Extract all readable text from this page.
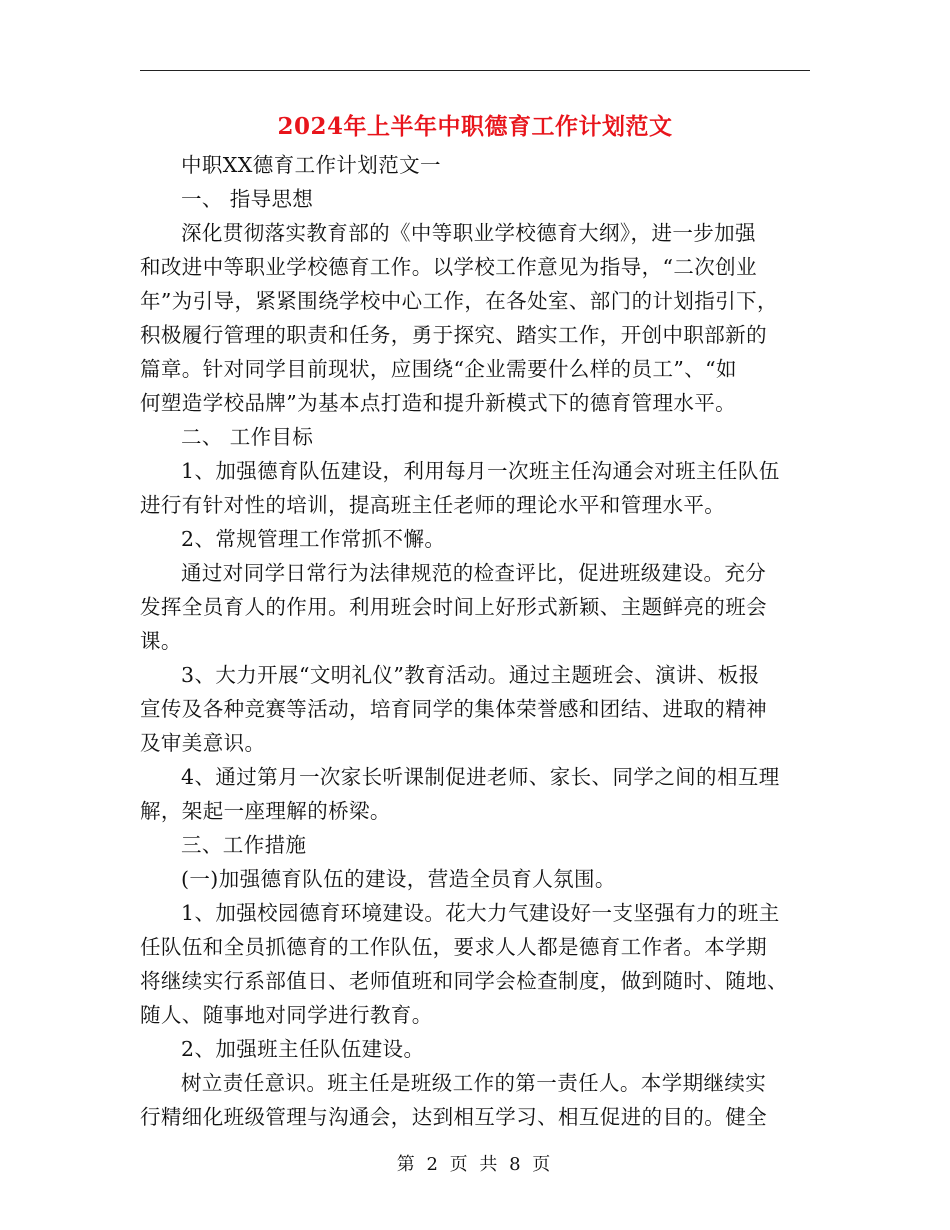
2024年上半年中职德育工作计划范文
中职XX德育工作计划范文一
一、 指导思想
深化贯彻落实教育部的《中等职业学校德育大纲》，进一步加强
和改进中等职业学校德育工作。以学校工作意见为指导，“二次创业
年”为引导，紧紧围绕学校中心工作，在各处室、部门的计划指引下，
积极履行管理的职责和任务，勇于探究、踏实工作，开创中职部新的
篇章。针对同学目前现状，应围绕“企业需要什么样的员工”、“如
何塑造学校品牌”为基本点打造和提升新模式下的德育管理水平。
二、 工作目标
1、加强德育队伍建设，利用每月一次班主任沟通会对班主任队伍
进行有针对性的培训，提高班主任老师的理论水平和管理水平。
2、常规管理工作常抓不懈。
通过对同学日常行为法律规范的检查评比，促进班级建设。充分
发挥全员育人的作用。利用班会时间上好形式新颖、主题鲜亮的班会
课。
3、大力开展“文明礼仪”教育活动。通过主题班会、演讲、板报
宣传及各种竞赛等活动，培育同学的集体荣誉感和团结、进取的精神
及审美意识。
4、通过第月一次家长听课制促进老师、家长、同学之间的相互理
解，架起一座理解的桥梁。
三、工作措施
(一)加强德育队伍的建设，营造全员育人氛围。
1、加强校园德育环境建设。花大力气建设好一支坚强有力的班主
任队伍和全员抓德育的工作队伍，要求人人都是德育工作者。本学期
将继续实行系部值日、老师值班和同学会检查制度，做到随时、随地、
随人、随事地对同学进行教育。
2、加强班主任队伍建设。
树立责任意识。班主任是班级工作的第一责任人。本学期继续实
行精细化班级管理与沟通会，达到相互学习、相互促进的目的。健全
第 2 页 共 8 页
